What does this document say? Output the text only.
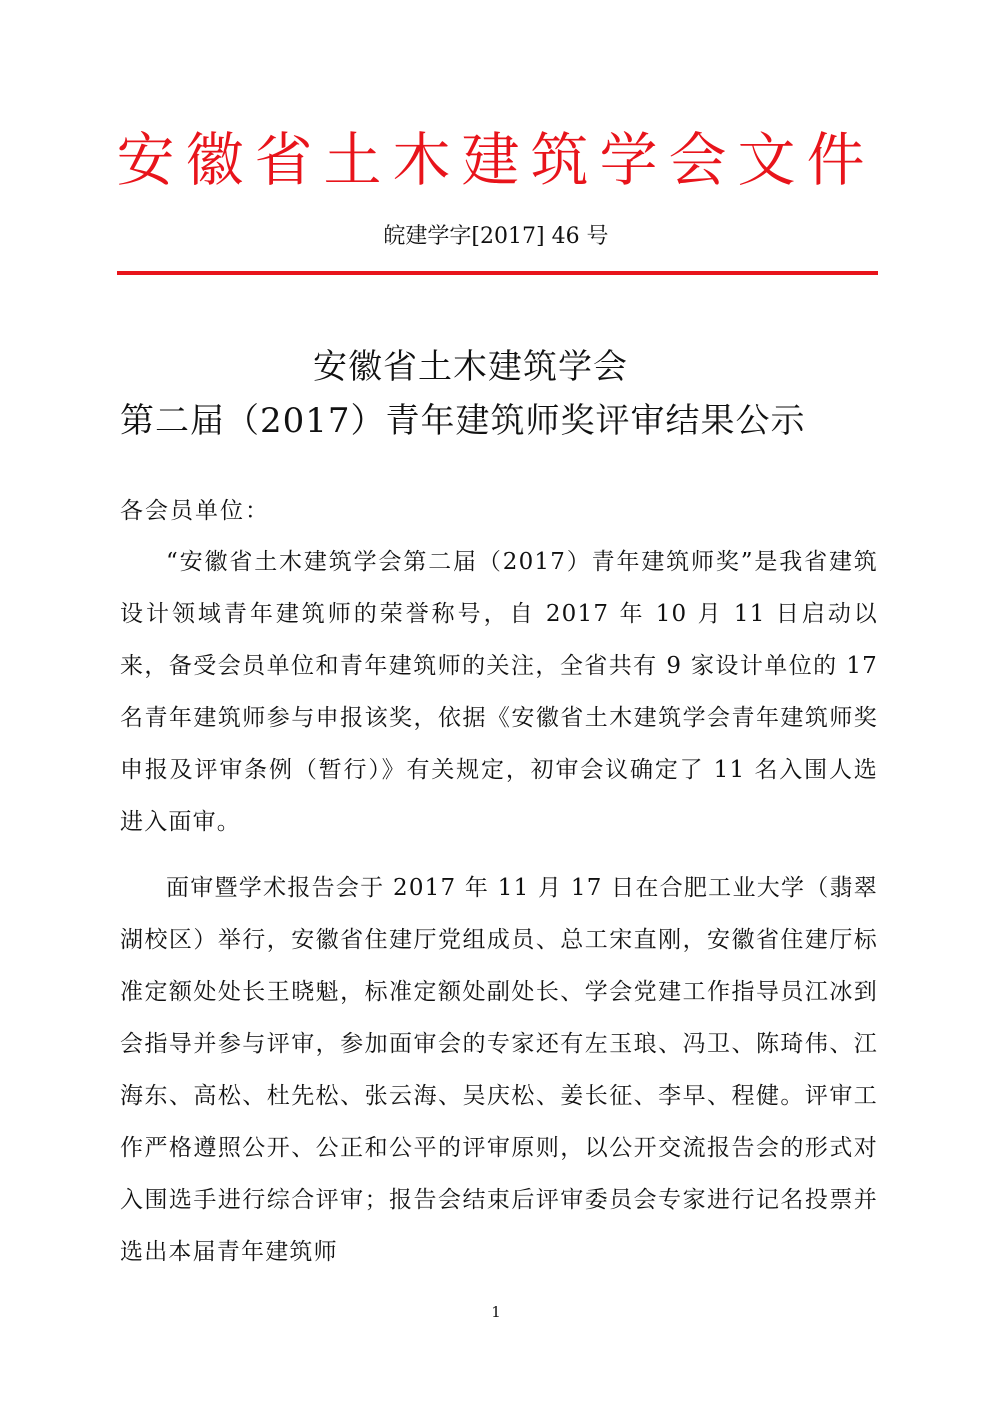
安徽省土木建筑学会文件
皖建学字[2017] 46 号
安徽省土木建筑学会
第二届（2017）青年建筑师奖评审结果公示
各会员单位：

“安徽省土木建筑学会第二届（2017）青年建筑师奖”是我省建筑设计领域青年建筑师的荣誉称号，自 2017 年 10 月 11 日启动以来，备受会员单位和青年建筑师的关注，全省共有 9 家设计单位的 17 名青年建筑师参与申报该奖，依据《安徽省土木建筑学会青年建筑师奖申报及评审条例（暂行）》有关规定，初审会议确定了 11 名入围人选进入面审。

面审暨学术报告会于 2017 年 11 月 17 日在合肥工业大学（翡翠湖校区）举行，安徽省住建厅党组成员、总工宋直刚，安徽省住建厅标准定额处处长王晓魁，标准定额处副处长、学会党建工作指导员江冰到会指导并参与评审，参加面审会的专家还有左玉琅、冯卫、陈琦伟、江海东、高松、杜先松、张云海、吴庆松、姜长征、李早、程健。评审工作严格遵照公开、公正和公平的评审原则，以公开交流报告会的形式对入围选手进行综合评审；报告会结束后评审委员会专家进行记名投票并选出本届青年建筑师

1
